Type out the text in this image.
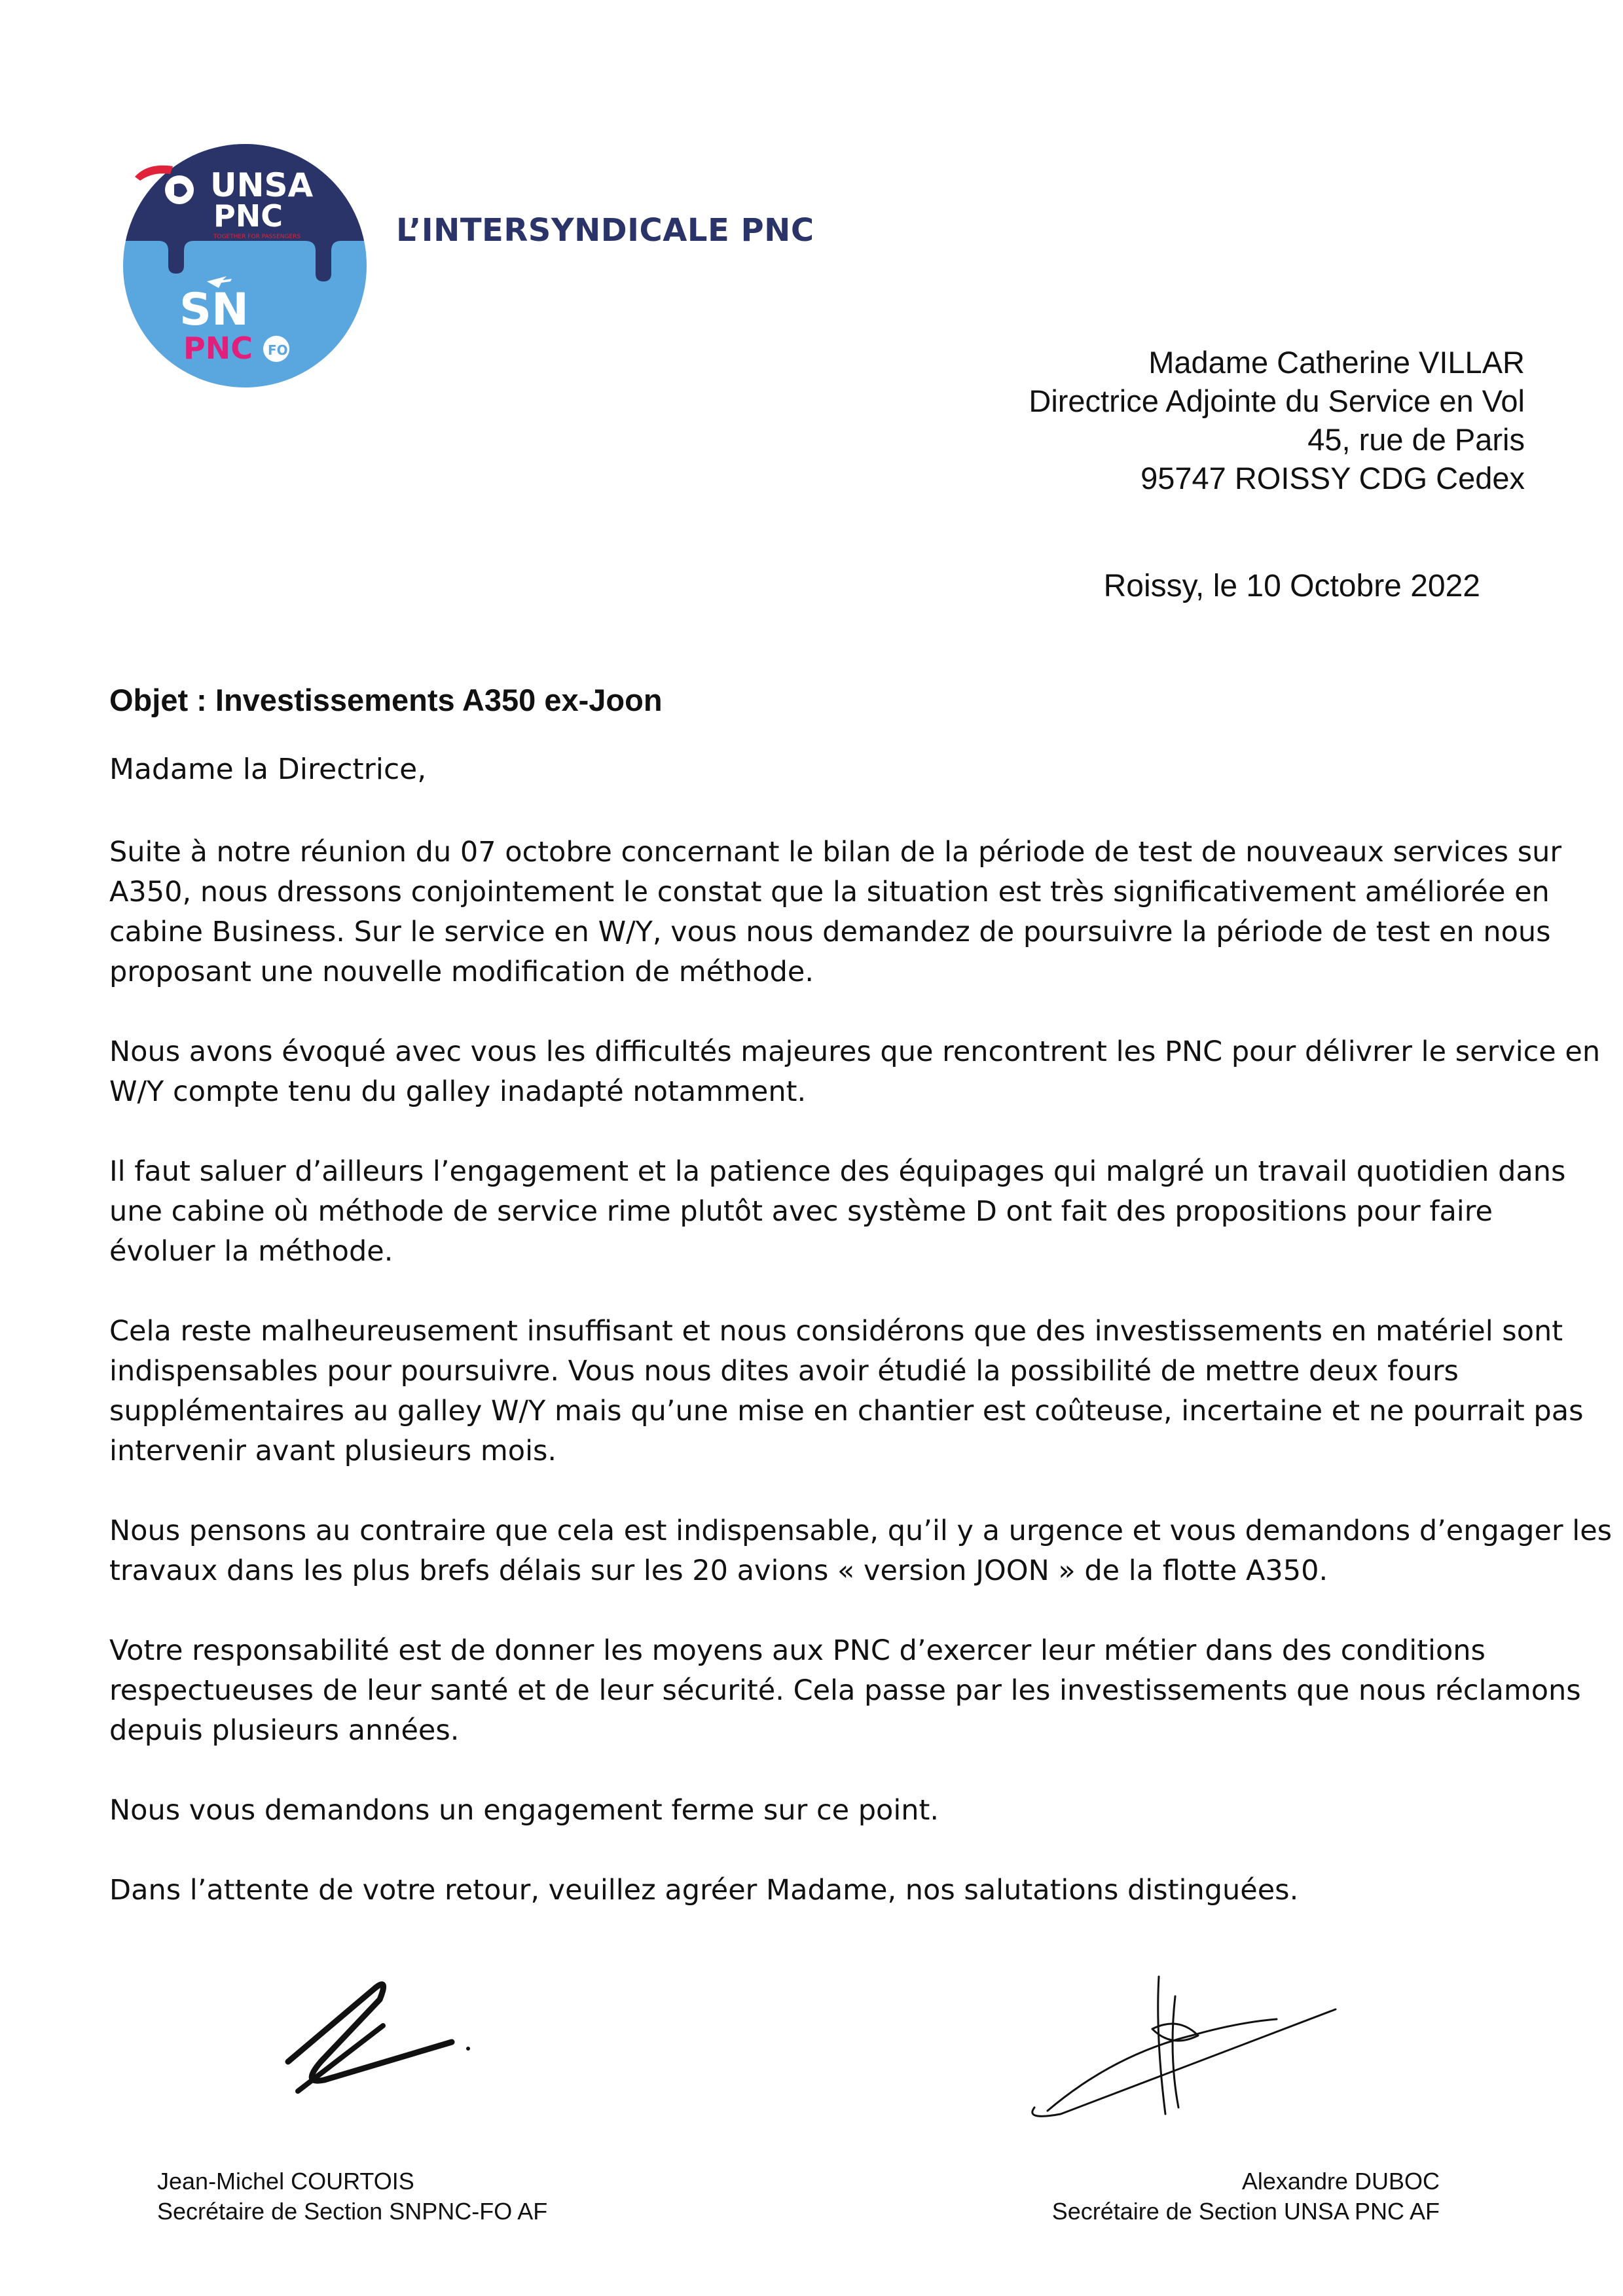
UNSA
PNC
TOGETHER FOR PASSENGERS
SN
PNC FO
L’INTERSYNDICALE PNC
Madame Catherine VILLAR
Directrice Adjointe du Service en Vol
45, rue de Paris
95747 ROISSY CDG Cedex
Roissy, le 10 Octobre 2022
Objet : Investissements A350 ex-Joon
Madame la Directrice,

Suite à notre réunion du 07 octobre concernant le bilan de la période de test de nouveaux services sur
A350, nous dressons conjointement le constat que la situation est très significativement améliorée en
cabine Business. Sur le service en W/Y, vous nous demandez de poursuivre la période de test en nous
proposant une nouvelle modification de méthode.

Nous avons évoqué avec vous les difficultés majeures que rencontrent les PNC pour délivrer le service en
W/Y compte tenu du galley inadapté notamment.

Il faut saluer d’ailleurs l’engagement et la patience des équipages qui malgré un travail quotidien dans
une cabine où méthode de service rime plutôt avec système D ont fait des propositions pour faire
évoluer la méthode.

Cela reste malheureusement insuffisant et nous considérons que des investissements en matériel sont
indispensables pour poursuivre. Vous nous dites avoir étudié la possibilité de mettre deux fours
supplémentaires au galley W/Y mais qu’une mise en chantier est coûteuse, incertaine et ne pourrait pas
intervenir avant plusieurs mois.

Nous pensons au contraire que cela est indispensable, qu’il y a urgence et vous demandons d’engager les
travaux dans les plus brefs délais sur les 20 avions « version JOON » de la flotte A350.

Votre responsabilité est de donner les moyens aux PNC d’exercer leur métier dans des conditions
respectueuses de leur santé et de leur sécurité. Cela passe par les investissements que nous réclamons
depuis plusieurs années.

Nous vous demandons un engagement ferme sur ce point.

Dans l’attente de votre retour, veuillez agréer Madame, nos salutations distinguées.

Jean-Michel COURTOIS
Secrétaire de Section SNPNC-FO AF
Alexandre DUBOC
Secrétaire de Section UNSA PNC AF
